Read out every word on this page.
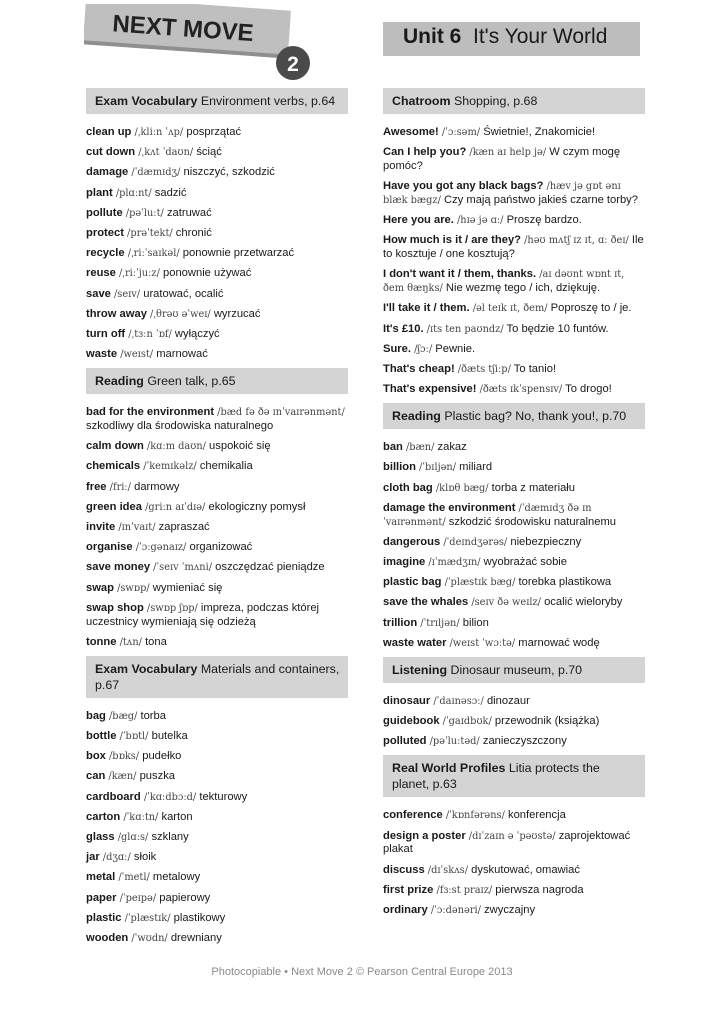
NEXT MOVE
2
Unit 6 It's Your World
Exam Vocabulary Environment verbs, p.64
clean up /ˌkliːn ˈʌp/ posprzątać
cut down /ˌkʌt ˈdaʊn/ ściąć
damage /ˈdæmɪdʒ/ niszczyć, szkodzić
plant /plɑːnt/ sadzić
pollute /pəˈluːt/ zatruwać
protect /prəˈtekt/ chronić
recycle /ˌriːˈsaɪkəl/ ponownie przetwarzać
reuse /ˌriːˈjuːz/ ponownie używać
save /seɪv/ uratować, ocalić
throw away /ˌθrəʊ əˈweɪ/ wyrzucać
turn off /ˌtɜːn ˈɒf/ wyłączyć
waste /weɪst/ marnować
Reading Green talk, p.65
bad for the environment /bæd fə ðə ɪnˈvaɪrənmənt/ szkodliwy dla środowiska naturalnego
calm down /kɑːm daʊn/ uspokoić się
chemicals /ˈkemɪkəlz/ chemikalia
free /friː/ darmowy
green idea /griːn aɪˈdɪə/ ekologiczny pomysł
invite /ɪnˈvaɪt/ zapraszać
organise /ˈɔːgənaɪz/ organizować
save money /ˈseɪv ˈmʌni/ oszczędzać pieniądze
swap /swɒp/ wymieniać się
swap shop /swɒp ʃɒp/ impreza, podczas której uczestnicy wymieniają się odzieżą
tonne /tʌn/ tona
Exam Vocabulary Materials and containers, p.67
bag /bæg/ torba
bottle /ˈbɒtl/ butelka
box /bɒks/ pudełko
can /kæn/ puszka
cardboard /ˈkɑːdbɔːd/ tekturowy
carton /ˈkɑːtn/ karton
glass /glɑːs/ szklany
jar /dʒɑː/ słoik
metal /ˈmetl/ metalowy
paper /ˈpeɪpə/ papierowy
plastic /ˈplæstɪk/ plastikowy
wooden /ˈwʊdn/ drewniany
Chatroom Shopping, p.68
Awesome! /ˈɔːsəm/ Świetnie!, Znakomicie!
Can I help you? /kæn aɪ help jə/ W czym mogę pomóc?
Have you got any black bags? /hæv jə gɒt ənɪ blæk bægz/ Czy mają państwo jakieś czarne torby?
Here you are. /hɪə jə ɑː/ Proszę bardzo.
How much is it / are they? /həʊ mʌtʃ ɪz ɪt, ɑː ðeɪ/ Ile to kosztuje / one kosztują?
I don't want it / them, thanks. /aɪ dəʊnt wɒnt ɪt, ðem θæŋks/ Nie wezmę tego / ich, dziękuję.
I'll take it / them. /əl teɪk ɪt, ðem/ Poproszę to / je.
It's £10. /ɪts ten paʊndz/ To będzie 10 funtów.
Sure. /ʃɔː/ Pewnie.
That's cheap! /ðæts tʃiːp/ To tanio!
That's expensive! /ðæts ɪkˈspensɪv/ To drogo!
Reading Plastic bag? No, thank you!, p.70
ban /bæn/ zakaz
billion /ˈbɪljən/ miliard
cloth bag /klɒθ bæg/ torba z materiału
damage the environment /ˈdæmɪdʒ ðə ɪnˈvaɪrənmənt/ szkodzić środowisku naturalnemu
dangerous /ˈdeɪndʒərəs/ niebezpieczny
imagine /ɪˈmædʒɪn/ wyobrażać sobie
plastic bag /ˈplæstɪk bæg/ torebka plastikowa
save the whales /seɪv ðə weɪlz/ ocalić wieloryby
trillion /ˈtrɪljən/ bilion
waste water /weɪst ˈwɔːtə/ marnować wodę
Listening Dinosaur museum, p.70
dinosaur /ˈdaɪnəsɔː/ dinozaur
guidebook /ˈgaɪdbʊk/ przewodnik (książka)
polluted /pəˈluːtəd/ zanieczyszczony
Real World Profiles Litia protects the planet, p.63
conference /ˈkɒnfərəns/ konferencja
design a poster /dɪˈzaɪn ə ˈpəʊstə/ zaprojektować plakat
discuss /dɪˈskʌs/ dyskutować, omawiać
first prize /fɜːst praɪz/ pierwsza nagroda
ordinary /ˈɔːdənəri/ zwyczajny
Photocopiable • Next Move 2 © Pearson Central Europe 2013
